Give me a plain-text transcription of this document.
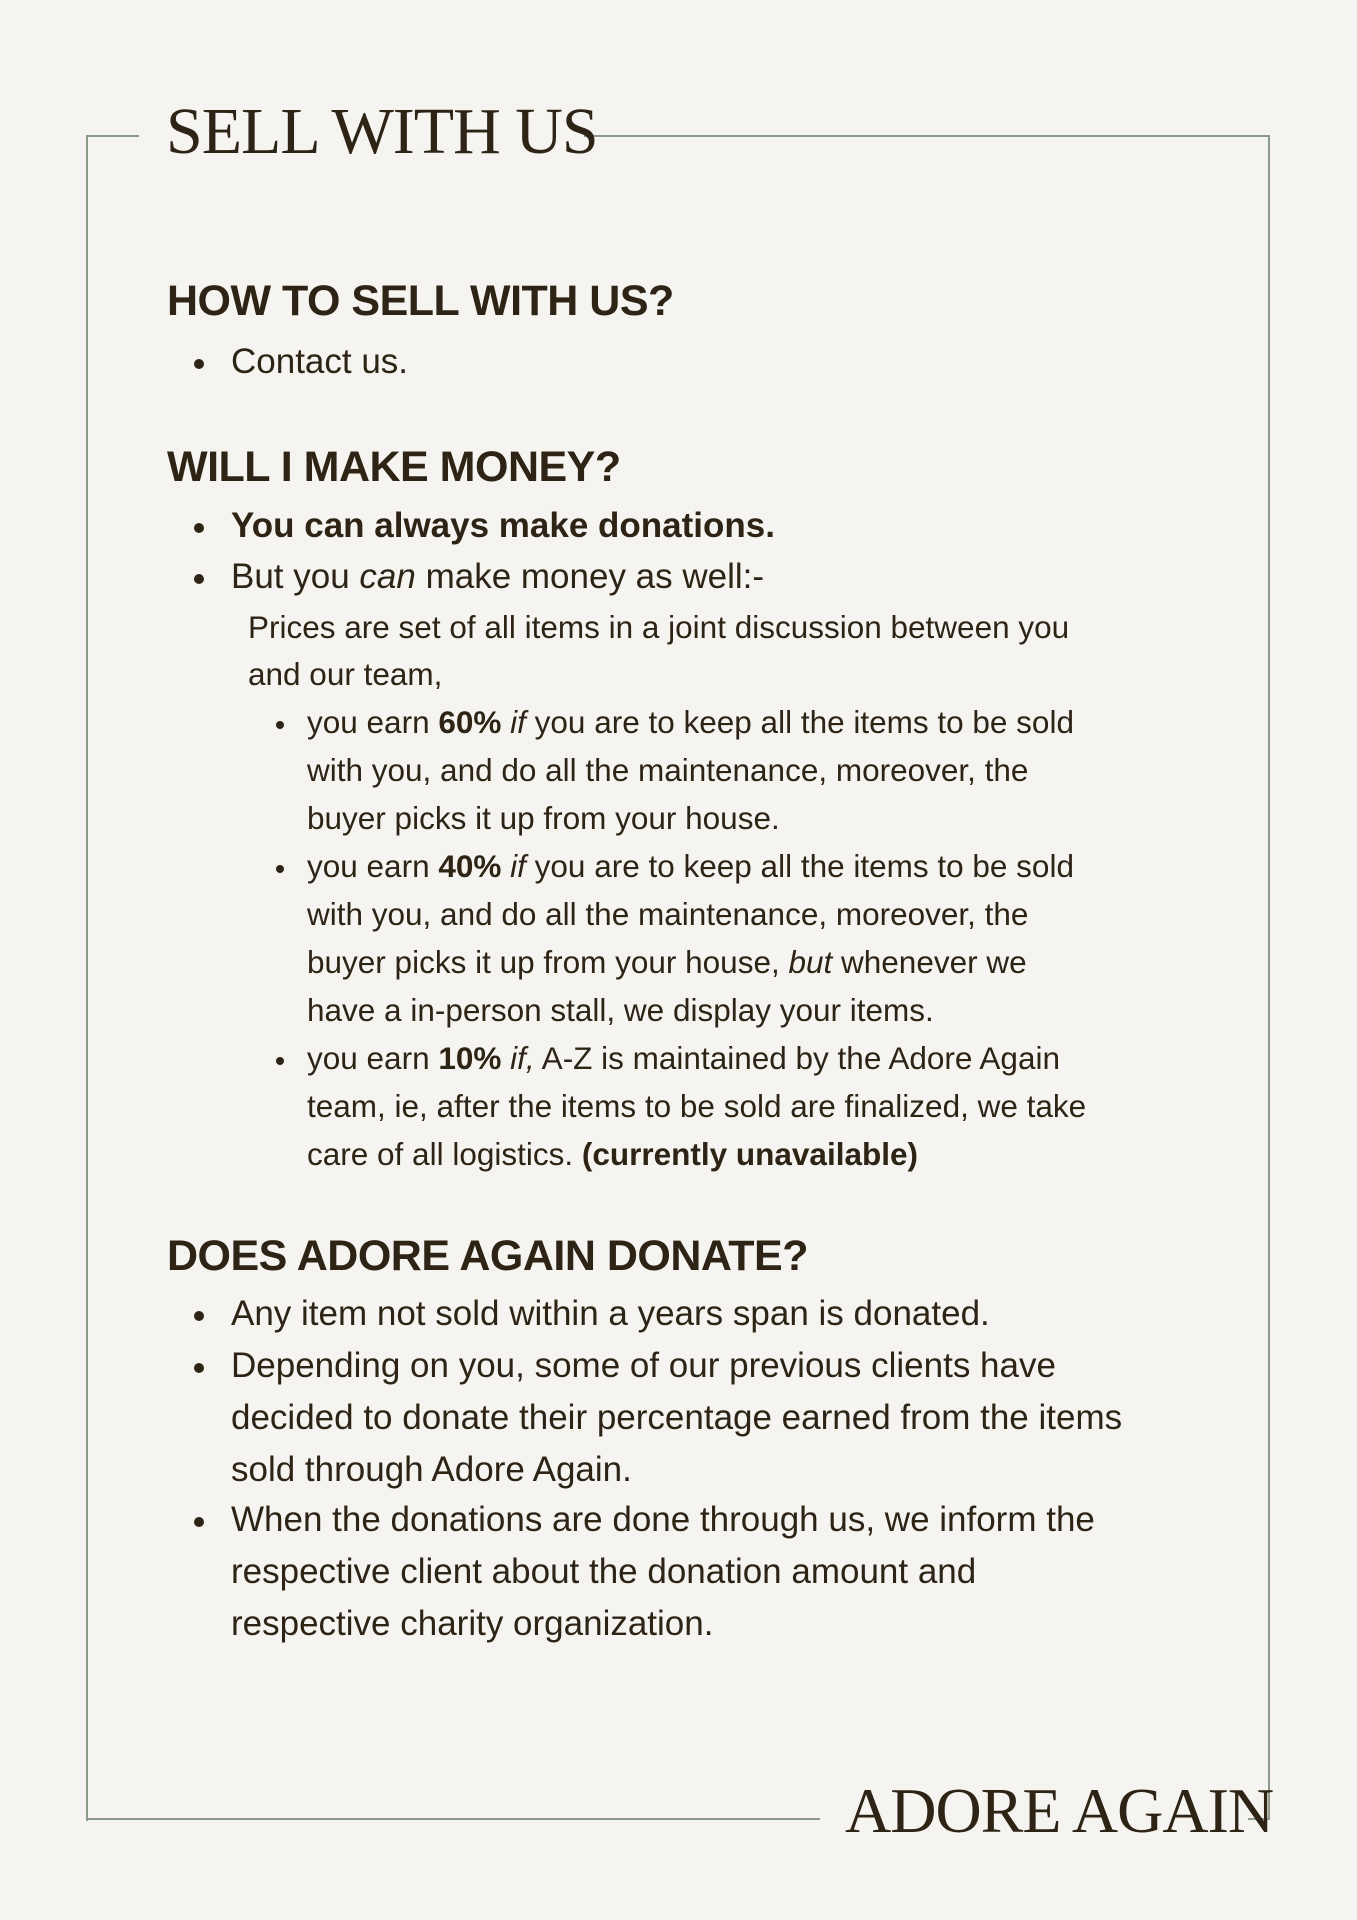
SELL WITH US
HOW TO SELL WITH US?
Contact us.
WILL I MAKE MONEY?
You can always make donations.
But you can make money as well:-
Prices are set of all items in a joint discussion between you
and our team,
you earn 60% if you are to keep all the items to be sold
with you, and do all the maintenance, moreover, the
buyer picks it up from your house.
you earn 40% if you are to keep all the items to be sold
with you, and do all the maintenance, moreover, the
buyer picks it up from your house, but whenever we
have a in-person stall, we display your items.
you earn 10% if, A-Z is maintained by the Adore Again
team, ie, after the items to be sold are finalized, we take
care of all logistics. (currently unavailable)
DOES ADORE AGAIN DONATE?
Any item not sold within a years span is donated.
Depending on you, some of our previous clients have
decided to donate their percentage earned from the items
sold through Adore Again.
When the donations are done through us, we inform the
respective client about the donation amount and
respective charity organization.
ADORE AGAIN
